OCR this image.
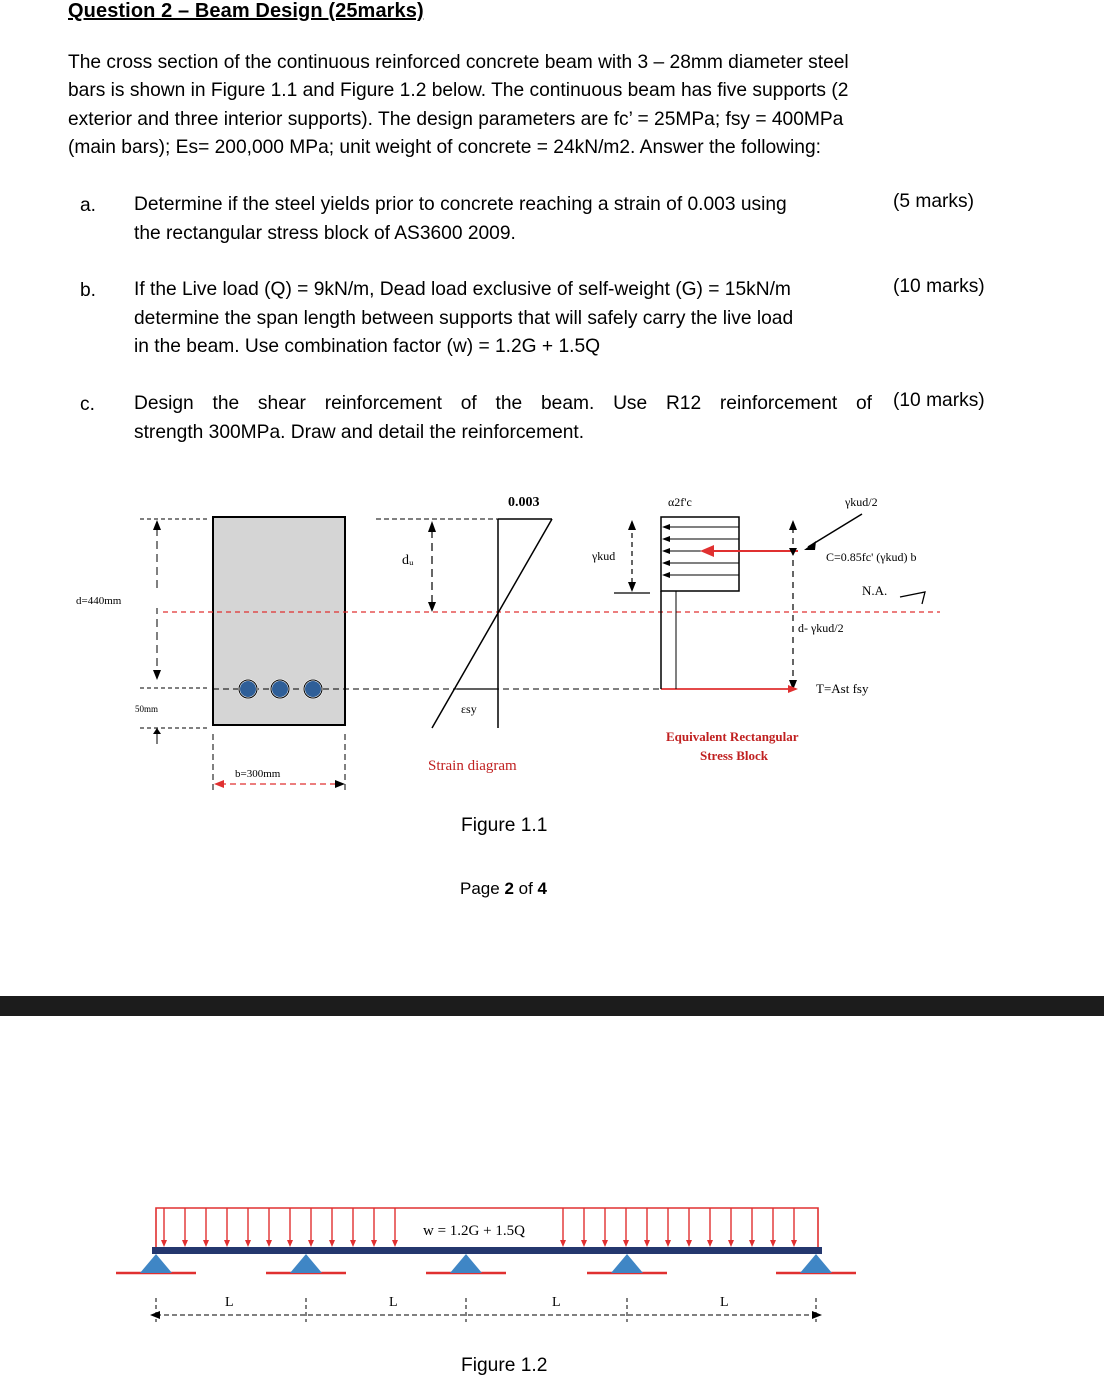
Question 2 – Beam Design (25marks)
The cross section of the continuous reinforced concrete beam with 3 – 28mm diameter steel
bars is shown in Figure 1.1 and Figure 1.2 below. The continuous beam has five supports (2
exterior and three interior supports). The design parameters are fc’ = 25MPa; fsy = 400MPa
(main bars); Es= 200,000 MPa; unit weight of concrete = 24kN/m2. Answer the following:
a. Determine if the steel yields prior to concrete reaching a strain of 0.003 using
the rectangular stress block of AS3600 2009.
(5 marks)
b. If the Live load (Q) = 9kN/m, Dead load exclusive of self-weight (G) = 15kN/m
determine the span length between supports that will safely carry the live load
in the beam. Use combination factor (w) = 1.2G + 1.5Q
(10 marks)
c. Design the shear reinforcement of the beam. Use R12 reinforcement of
strength 300MPa. Draw and detail the reinforcement.
(10 marks)
d=440mm
50mm
b=300mm
dᵤ
0.003
εsy
Strain diagram
γkud
α2f'c
d- γkud/2
γkud/2
C=0.85fc' (γkud) b
N.A.
T=Ast fsy
Equivalent Rectangular
Stress Block
Figure 1.1
Page 2 of 4
w = 1.2G + 1.5Q
L	L	L	L
Figure 1.2
